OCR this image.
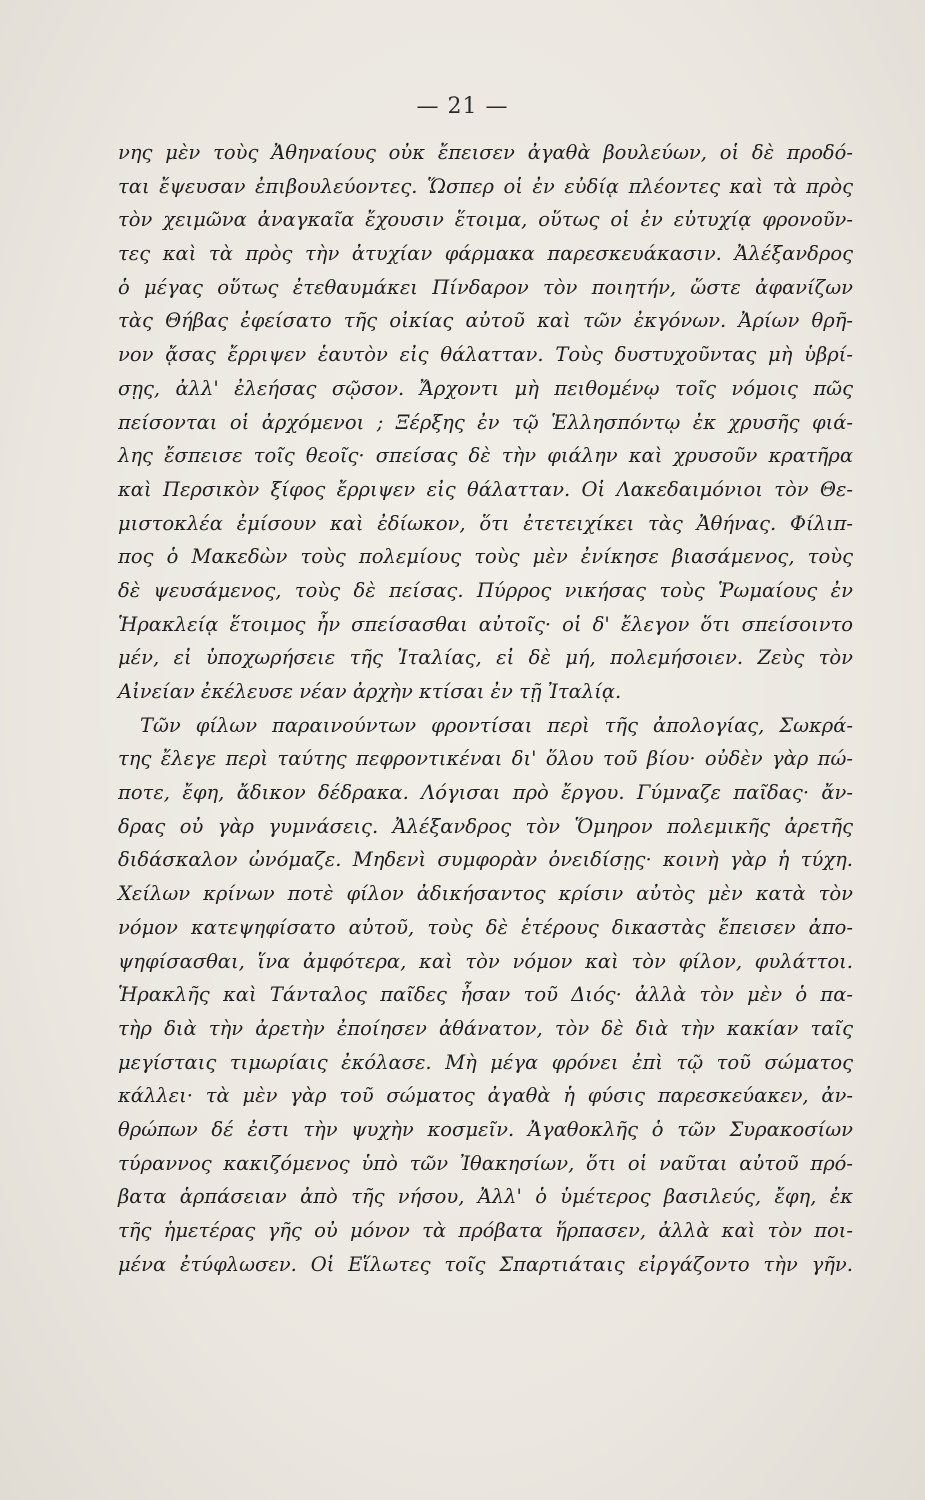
— 21 —
νης μὲν τοὺς Ἀθηναίους οὐκ ἔπεισεν ἀγαθὰ βουλεύων, οἱ δὲ προδό-
ται ἔψευσαν ἐπιβουλεύοντες. Ὥσπερ οἱ ἐν εὐδίᾳ πλέοντες καὶ τὰ πρὸς
τὸν χειμῶνα ἀναγκαῖα ἔχουσιν ἕτοιμα, οὕτως οἱ ἐν εὐτυχίᾳ φρονοῦν-
τες καὶ τὰ πρὸς τὴν ἀτυχίαν φάρμακα παρεσκευάκασιν. Ἀλέξανδρος
ὁ μέγας οὕτως ἐτεθαυμάκει Πίνδαρον τὸν ποιητήν, ὥστε ἀφανίζων
τὰς Θήβας ἐφείσατο τῆς οἰκίας αὐτοῦ καὶ τῶν ἐκγόνων. Ἀρίων θρῆ-
νον ᾄσας ἔρριψεν ἑαυτὸν εἰς θάλατταν. Τοὺς δυστυχοῦντας μὴ ὑβρί-
σῃς, ἀλλ' ἐλεήσας σῷσον. Ἄρχοντι μὴ πειθομένῳ τοῖς νόμοις πῶς
πείσονται οἱ ἀρχόμενοι ; Ξέρξης ἐν τῷ Ἑλλησπόντῳ ἐκ χρυσῆς φιά-
λης ἔσπεισε τοῖς θεοῖς· σπείσας δὲ τὴν φιάλην καὶ χρυσοῦν κρατῆρα
καὶ Περσικὸν ξίφος ἔρριψεν εἰς θάλατταν. Οἱ Λακεδαιμόνιοι τὸν Θε-
μιστοκλέα ἐμίσουν καὶ ἐδίωκον, ὅτι ἐτετειχίκει τὰς Ἀθήνας. Φίλιπ-
πος ὁ Μακεδὼν τοὺς πολεμίους τοὺς μὲν ἐνίκησε βιασάμενος, τοὺς
δὲ ψευσάμενος, τοὺς δὲ πείσας. Πύρρος νικήσας τοὺς Ῥωμαίους ἐν
Ἡρακλείᾳ ἕτοιμος ἦν σπείσασθαι αὐτοῖς· οἱ δ' ἔλεγον ὅτι σπείσοιντο
μέν, εἰ ὑποχωρήσειε τῆς Ἰταλίας, εἰ δὲ μή, πολεμήσοιεν. Ζεὺς τὸν
Αἰνείαν ἐκέλευσε νέαν ἀρχὴν κτίσαι ἐν τῇ Ἰταλίᾳ.
Τῶν φίλων παραινούντων φροντίσαι περὶ τῆς ἀπολογίας, Σωκρά-
της ἔλεγε περὶ ταύτης πεφροντικέναι δι' ὅλου τοῦ βίου· οὐδὲν γὰρ πώ-
ποτε, ἔφη, ἄδικον δέδρακα. Λόγισαι πρὸ ἔργου. Γύμναζε παῖδας· ἄν-
δρας οὐ γὰρ γυμνάσεις. Ἀλέξανδρος τὸν Ὅμηρον πολεμικῆς ἀρετῆς
διδάσκαλον ὠνόμαζε. Μηδενὶ συμφορὰν ὀνειδίσῃς· κοινὴ γὰρ ἡ τύχη.
Χείλων κρίνων ποτὲ φίλον ἀδικήσαντος κρίσιν αὐτὸς μὲν κατὰ τὸν
νόμον κατεψηφίσατο αὐτοῦ, τοὺς δὲ ἑτέρους δικαστὰς ἔπεισεν ἀπο-
ψηφίσασθαι, ἵνα ἀμφότερα, καὶ τὸν νόμον καὶ τὸν φίλον, φυλάττοι.
Ἡρακλῆς καὶ Τάνταλος παῖδες ἦσαν τοῦ Διός· ἀλλὰ τὸν μὲν ὁ πα-
τὴρ διὰ τὴν ἀρετὴν ἐποίησεν ἀθάνατον, τὸν δὲ διὰ τὴν κακίαν ταῖς
μεγίσταις τιμωρίαις ἐκόλασε. Μὴ μέγα φρόνει ἐπὶ τῷ τοῦ σώματος
κάλλει· τὰ μὲν γὰρ τοῦ σώματος ἀγαθὰ ἡ φύσις παρεσκεύακεν, ἀν-
θρώπων δέ ἐστι τὴν ψυχὴν κοσμεῖν. Ἀγαθοκλῆς ὁ τῶν Συρακοσίων
τύραννος κακιζόμενος ὑπὸ τῶν Ἰθακησίων, ὅτι οἱ ναῦται αὐτοῦ πρό-
βατα ἁρπάσειαν ἀπὸ τῆς νήσου, Ἀλλ' ὁ ὑμέτερος βασιλεύς, ἔφη, ἐκ
τῆς ἡμετέρας γῆς οὐ μόνον τὰ πρόβατα ἥρπασεν, ἀλλὰ καὶ τὸν ποι-
μένα ἐτύφλωσεν. Οἱ Εἵλωτες τοῖς Σπαρτιάταις εἰργάζοντο τὴν γῆν.
